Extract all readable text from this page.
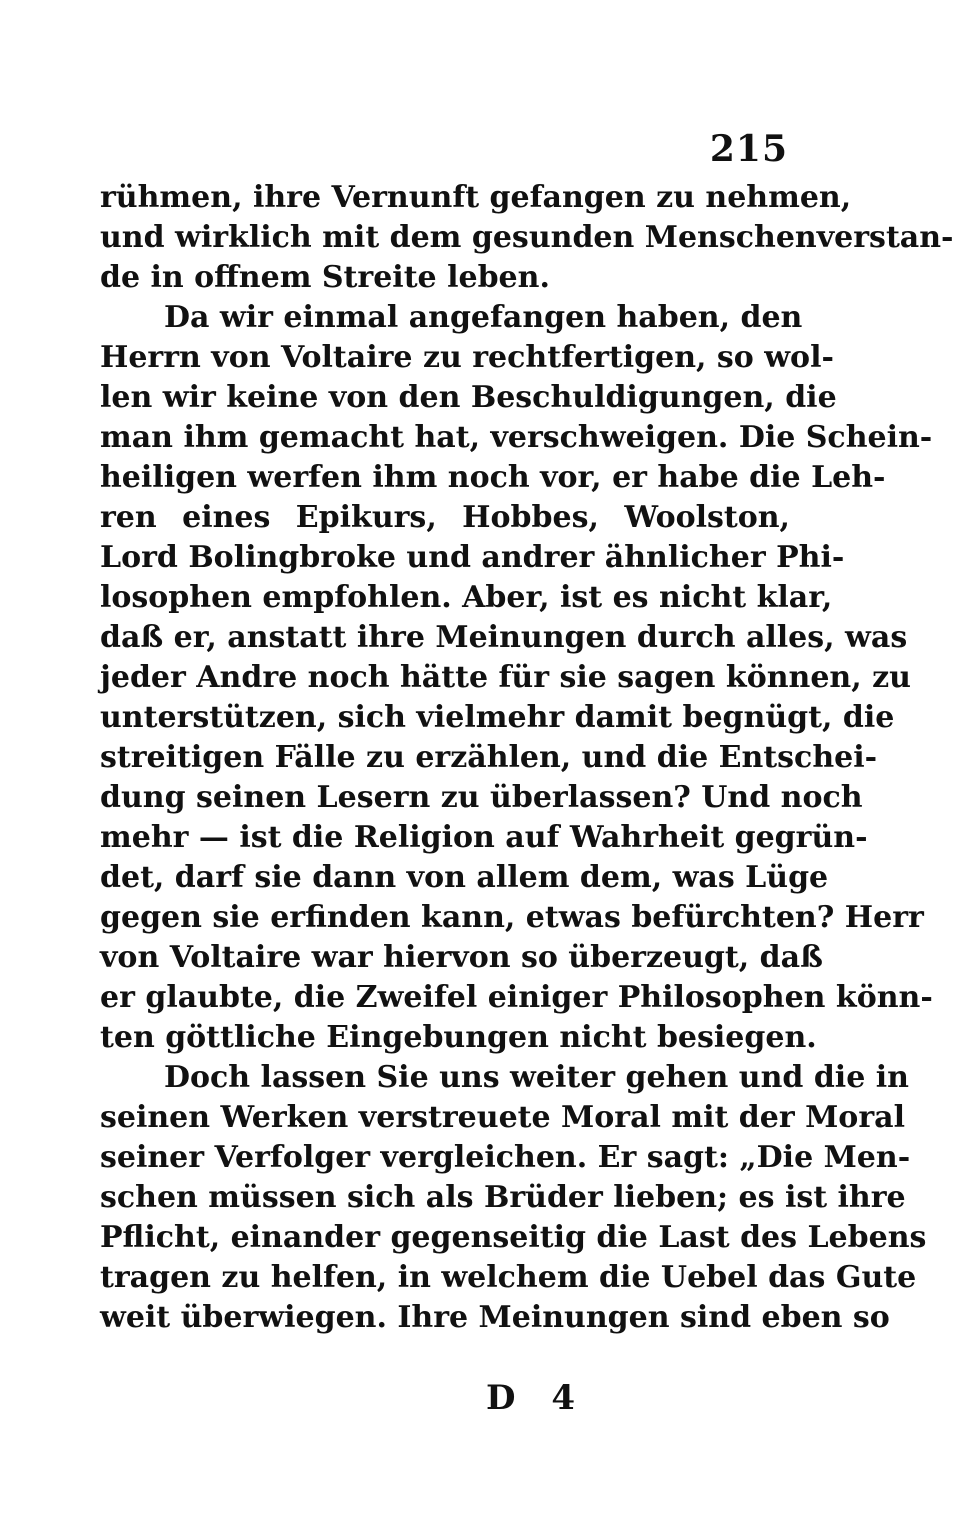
215
rühmen, ihre Vernunft gefangen zu nehmen,
und wirklich mit dem gesunden Menschenverstan-
de in offnem Streite leben.
Da wir einmal angefangen haben, den
Herrn von Voltaire zu rechtfertigen, so wol-
len wir keine von den Beschuldigungen, die
man ihm gemacht hat, verschweigen. Die Schein-
heiligen werfen ihm noch vor, er habe die Leh-
ren eines Epikurs, Hobbes, Woolston,
Lord Bolingbroke und andrer ähnlicher Phi-
losophen empfohlen. Aber, ist es nicht klar,
daß er, anstatt ihre Meinungen durch alles, was
jeder Andre noch hätte für sie sagen können, zu
unterstützen, sich vielmehr damit begnügt, die
streitigen Fälle zu erzählen, und die Entschei-
dung seinen Lesern zu überlassen? Und noch
mehr — ist die Religion auf Wahrheit gegrün-
det, darf sie dann von allem dem, was Lüge
gegen sie erfinden kann, etwas befürchten? Herr
von Voltaire war hiervon so überzeugt, daß
er glaubte, die Zweifel einiger Philosophen könn-
ten göttliche Eingebungen nicht besiegen.
Doch lassen Sie uns weiter gehen und die in
seinen Werken verstreuete Moral mit der Moral
seiner Verfolger vergleichen. Er sagt: „Die Men-
schen müssen sich als Brüder lieben; es ist ihre
Pflicht, einander gegenseitig die Last des Lebens
tragen zu helfen, in welchem die Uebel das Gute
weit überwiegen. Ihre Meinungen sind eben so
D 4
